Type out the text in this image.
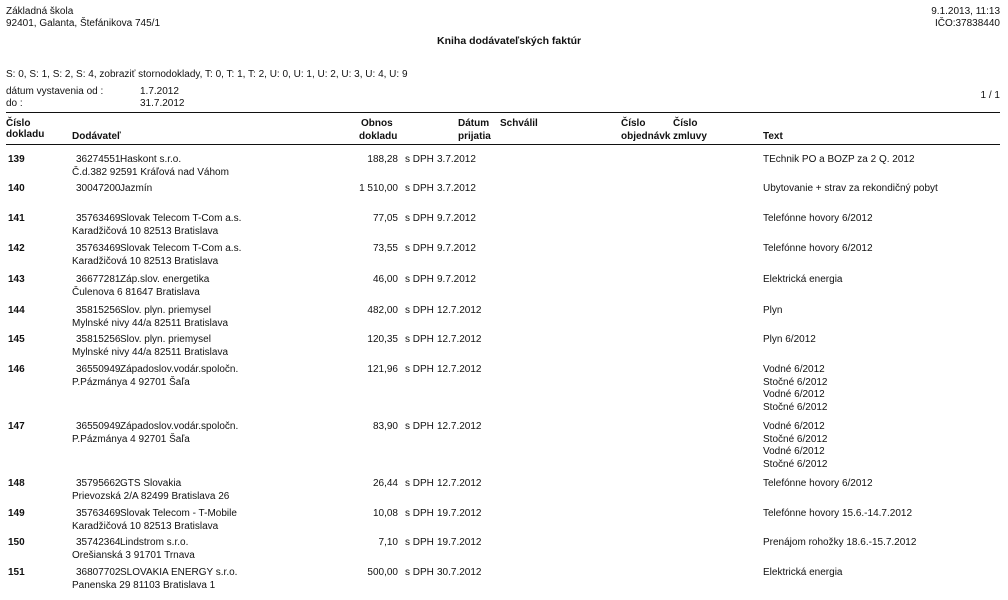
Základná škola
92401, Galanta, Štefánikova 745/1
9.1.2013, 11:13
IČO:37838440
Kniha dodávateľských faktúr
S: 0, S: 1, S: 2, S: 4, zobraziť stornodoklady, T: 0, T: 1, T: 2, U: 0, U: 1, U: 2, U: 3, U: 4, U: 9
dátum vystavenia od :	1.7.2012
do :	31.7.2012
1 / 1
Číslo
dokladu	Dodávateľ
Obnos
dokladu
Dátum
prijatia
Schválil	Číslo
objednávk
Číslo
zmluvy	Text
139	36274551 Haskont s.r.o.
Č.d.382 92591 Kráľová nad Váhom
188,28 s DPH 3.7.2012	TEchnik PO a BOZP za 2 Q. 2012
140	30047200 Jazmín	1 510,00 s DPH 3.7.2012	Ubytovanie + strav za rekondičný pobyt
141	35763469 Slovak Telecom T-Com a.s.
Karadžičová 10 82513 Bratislava
77,05 s DPH 9.7.2012	Telefónne hovory 6/2012
142	35763469 Slovak Telecom T-Com a.s.
Karadžičová 10 82513 Bratislava
73,55 s DPH 9.7.2012	Telefónne hovory 6/2012
143	36677281 Záp.slov. energetika
Čulenova 6 81647 Bratislava
46,00 s DPH 9.7.2012	Elektrická energia
144	35815256 Slov. plyn. priemysel
Mylnské nivy 44/a 82511 Bratislava
482,00 s DPH 12.7.2012	Plyn
145	35815256 Slov. plyn. priemysel
Mylnské nivy 44/a 82511 Bratislava
120,35 s DPH 12.7.2012	Plyn 6/2012
146	36550949 Západoslov.vodár.spoločn.
P.Pázmánya 4 92701 Šaľa
121,96 s DPH 12.7.2012	Vodné 6/2012
Stočné 6/2012
Vodné 6/2012
Stočné 6/2012
147	36550949 Západoslov.vodár.spoločn.
P.Pázmánya 4 92701 Šaľa
83,90 s DPH 12.7.2012	Vodné 6/2012
Stočné 6/2012
Vodné 6/2012
Stočné 6/2012
148	35795662 GTS Slovakia
Prievozská 2/A 82499 Bratislava 26
26,44 s DPH 12.7.2012	Telefónne hovory 6/2012
149	35763469 Slovak Telecom - T-Mobile
Karadžičová 10 82513 Bratislava
10,08 s DPH 19.7.2012	Telefónne hovory 15.6.-14.7.2012
150	35742364 Lindstrom s.r.o.
Orešianská 3 91701 Trnava
7,10 s DPH 19.7.2012	Prenájom rohožky 18.6.-15.7.2012
151	36807702 SLOVAKIA ENERGY s.r.o.
Panenska 29 81103 Bratislava 1
500,00 s DPH 30.7.2012	Elektrická energia
